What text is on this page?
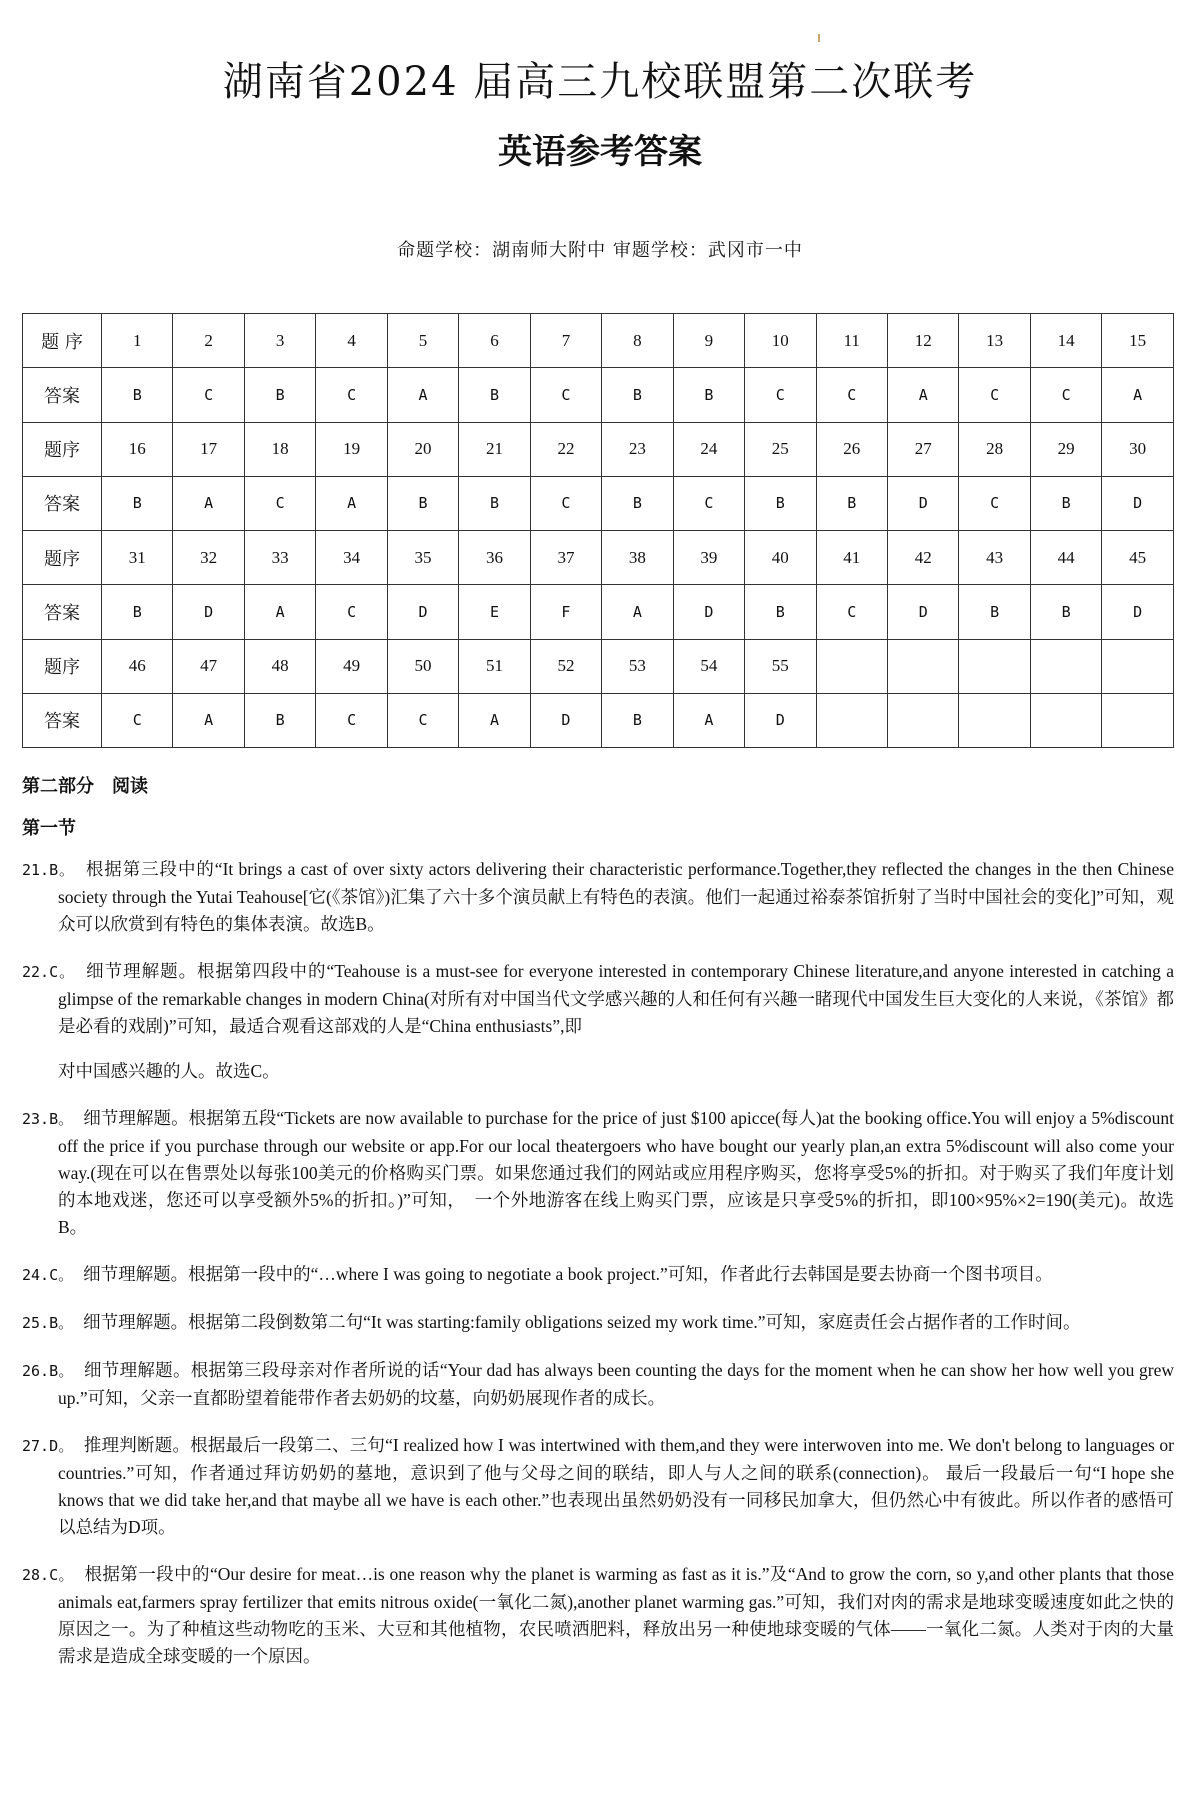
湖南省2024 届高三九校联盟第二次联考
英语参考答案
命题学校：湖南师大附中 审题学校：武冈市一中
题 序	1	2	3	4	5	6	7	8	9	10	11	12	13	14	15
答案	B	C	B	C	A	B	C	B	B	C	C	A	C	C	A
题序	16	17	18	19	20	21	22	23	24	25	26	27	28	29	30
答案	B	A	C	A	B	B	C	B	C	B	B	D	C	B	D
题序	31	32	33	34	35	36	37	38	39	40	41	42	43	44	45
答案	B	D	A	C	D	E	F	A	D	B	C	D	B	B	D
题序	46	47	48	49	50	51	52	53	54	55					
答案	C	A	B	C	C	A	D	B	A	D					
第二部分　阅读
第一节
21.B。　 根据第三段中的“It brings a cast of over sixty actors delivering their characteristic performance.Together,they reflected the changes in the then Chinese society through the Yutai Teahouse[它(《茶馆》)汇集了六十多个演员献上有特色的表演。他们一起通过裕泰茶馆折射了当时中国社会的变化]”可知，观众可以欣赏到有特色的集体表演。故选B。
22.C。　 细节理解题。根据第四段中的“Teahouse is a must-see for everyone interested in contemporary Chinese literature,and anyone interested in catching a glimpse of the remarkable changes in modern China(对所有对中国当代文学感兴趣的人和任何有兴趣一睹现代中国发生巨大变化的人来说，《茶馆》都是必看的戏剧)”可知，最适合观看这部戏的人是“China enthusiasts”,即
对中国感兴趣的人。故选C。
23.B。　 细节理解题。根据第五段“Tickets are now available to purchase for the price of just $100 apicce(每人)at the booking office.You will enjoy a 5%discount off the price if you purchase through our website or app.For our local theatergoers who have bought our yearly plan,an extra 5%discount will also come your way.(现在可以在售票处以每张100美元的价格购买门票。如果您通过我们的网站或应用程序购买，您将享受5%的折扣。对于购买了我们年度计划的本地戏迷，您还可以享受额外5%的折扣。)”可知，　一个外地游客在线上购买门票，应该是只享受5%的折扣，即100×95%×2=190(美元)。故选B。
24.C。　 细节理解题。根据第一段中的“…where I was going to negotiate a book project.”可知，作者此行去韩国是要去协商一个图书项目。
25.B。　 细节理解题。根据第二段倒数第二句“It was starting:family obligations seized my work time.”可知，家庭责任会占据作者的工作时间。
26.B。　 细节理解题。根据第三段母亲对作者所说的话“Your dad has always been counting the days for the moment when he can show her how well you grew up.”可知，父亲一直都盼望着能带作者去奶奶的坟墓，向奶奶展现作者的成长。
27.D。　 推理判断题。根据最后一段第二、三句“I realized how I was intertwined with them,and they were interwoven into me. We don't belong to languages or countries.”可知，作者通过拜访奶奶的墓地，意识到了他与父母之间的联结，即人与人之间的联系(connection)。 最后一段最后一句“I hope she knows that we did take her,and that maybe all we have is each other.”也表现出虽然奶奶没有一同移民加拿大，但仍然心中有彼此。所以作者的感悟可以总结为D项。
28.C。　 根据第一段中的“Our desire for meat…is one reason why the planet is warming as fast as it is.”及“And to grow the corn, so y,and other plants that those animals eat,farmers spray fertilizer that emits nitrous oxide(一氧化二氮),another planet warming gas.”可知，我们对肉的需求是地球变暖速度如此之快的原因之一。为了种植这些动物吃的玉米、大豆和其他植物，农民喷洒肥料，释放出另一种使地球变暖的气体——一氧化二氮。人类对于肉的大量需求是造成全球变暖的一个原因。
